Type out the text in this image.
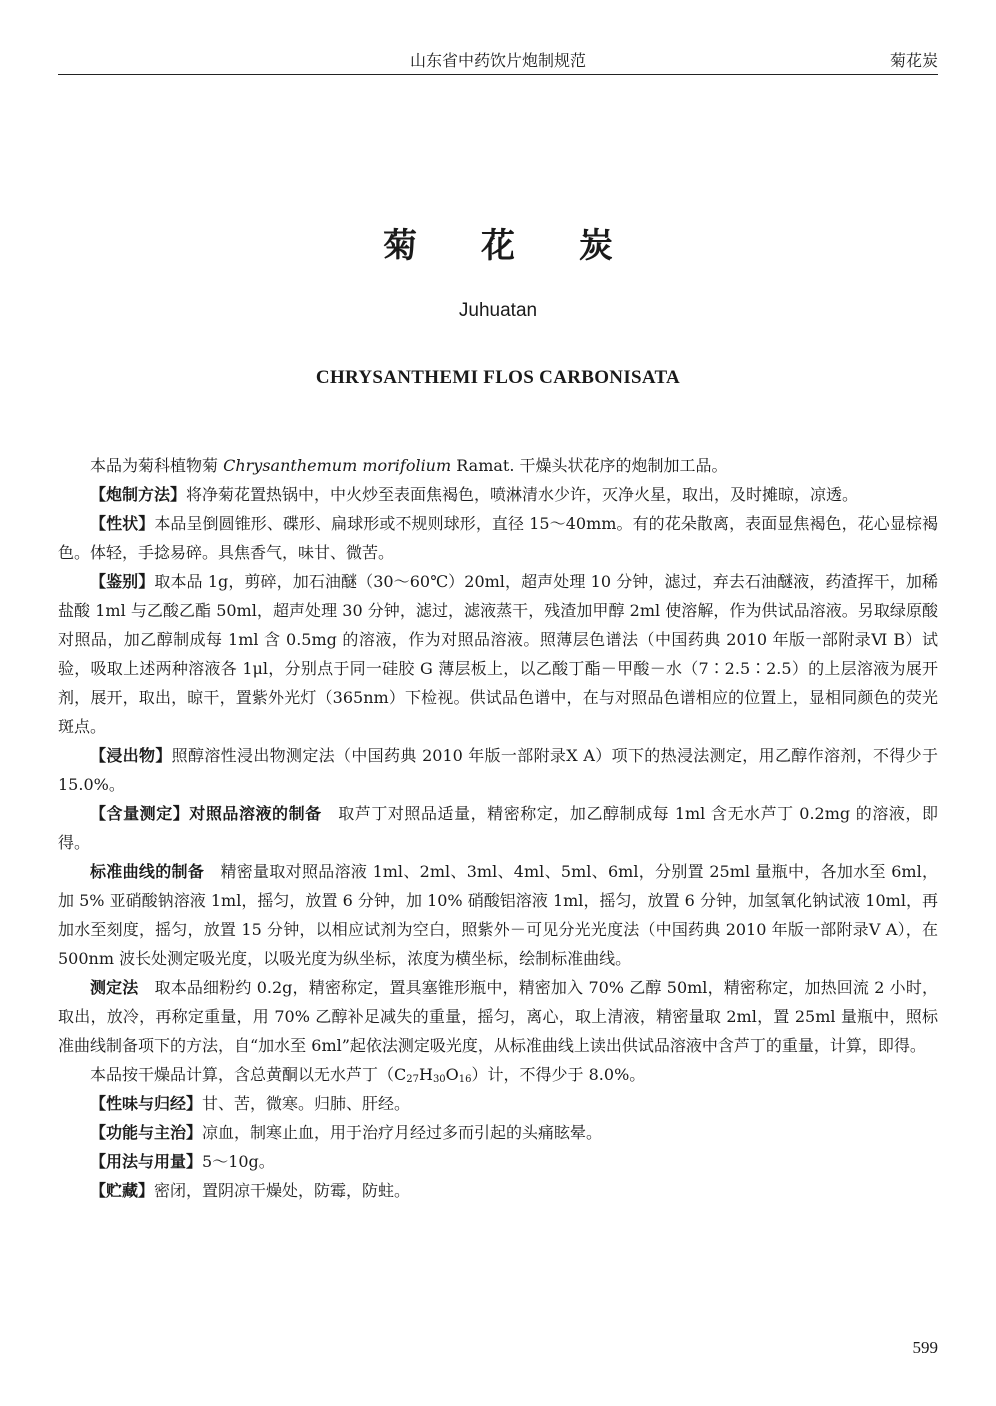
山东省中药饮片炮制规范	菊花炭
菊 花 炭
Juhuatan
CHRYSANTHEMI FLOS CARBONISATA

本品为菊科植物菊 Chrysanthemum morifolium Ramat. 干燥头状花序的炮制加工品。

【炮制方法】将净菊花置热锅中，中火炒至表面焦褐色，喷淋清水少许，灭净火星，取出，及时摊晾，凉透。

【性状】本品呈倒圆锥形、碟形、扁球形或不规则球形，直径 15～40mm。有的花朵散离，表面显焦褐色，花心显棕褐色。体轻，手捻易碎。具焦香气，味甘、微苦。

【鉴别】取本品 1g，剪碎，加石油醚（30～60℃）20ml，超声处理 10 分钟，滤过，弃去石油醚液，药渣挥干，加稀盐酸 1ml 与乙酸乙酯 50ml，超声处理 30 分钟，滤过，滤液蒸干，残渣加甲醇 2ml 使溶解，作为供试品溶液。另取绿原酸对照品，加乙醇制成每 1ml 含 0.5mg 的溶液，作为对照品溶液。照薄层色谱法（中国药典 2010 年版一部附录Ⅵ B）试验，吸取上述两种溶液各 1μl，分别点于同一硅胶 G 薄层板上，以乙酸丁酯－甲酸－水（7∶2.5∶2.5）的上层溶液为展开剂，展开，取出，晾干，置紫外光灯（365nm）下检视。供试品色谱中，在与对照品色谱相应的位置上，显相同颜色的荧光斑点。

【浸出物】照醇溶性浸出物测定法（中国药典 2010 年版一部附录Ⅹ A）项下的热浸法测定，用乙醇作溶剂，不得少于 15.0%。

【含量测定】对照品溶液的制备　取芦丁对照品适量，精密称定，加乙醇制成每 1ml 含无水芦丁 0.2mg 的溶液，即得。

标准曲线的制备　精密量取对照品溶液 1ml、2ml、3ml、4ml、5ml、6ml，分别置 25ml 量瓶中，各加水至 6ml，加 5% 亚硝酸钠溶液 1ml，摇匀，放置 6 分钟，加 10% 硝酸铝溶液 1ml，摇匀，放置 6 分钟，加氢氧化钠试液 10ml，再加水至刻度，摇匀，放置 15 分钟，以相应试剂为空白，照紫外－可见分光光度法（中国药典 2010 年版一部附录Ⅴ A），在 500nm 波长处测定吸光度，以吸光度为纵坐标，浓度为横坐标，绘制标准曲线。

测定法　取本品细粉约 0.2g，精密称定，置具塞锥形瓶中，精密加入 70% 乙醇 50ml，精密称定，加热回流 2 小时，取出，放冷，再称定重量，用 70% 乙醇补足减失的重量，摇匀，离心，取上清液，精密量取 2ml，置 25ml 量瓶中，照标准曲线制备项下的方法，自“加水至 6ml”起依法测定吸光度，从标准曲线上读出供试品溶液中含芦丁的重量，计算，即得。

本品按干燥品计算，含总黄酮以无水芦丁$(C_{27}H_{30}O_{16})$计，不得少于 8.0%。

【性味与归经】甘、苦，微寒。归肺、肝经。

【功能与主治】凉血，制寒止血，用于治疗月经过多而引起的头痛眩晕。

【用法与用量】5～10g。

【贮藏】密闭，置阴凉干燥处，防霉，防蛀。

599
